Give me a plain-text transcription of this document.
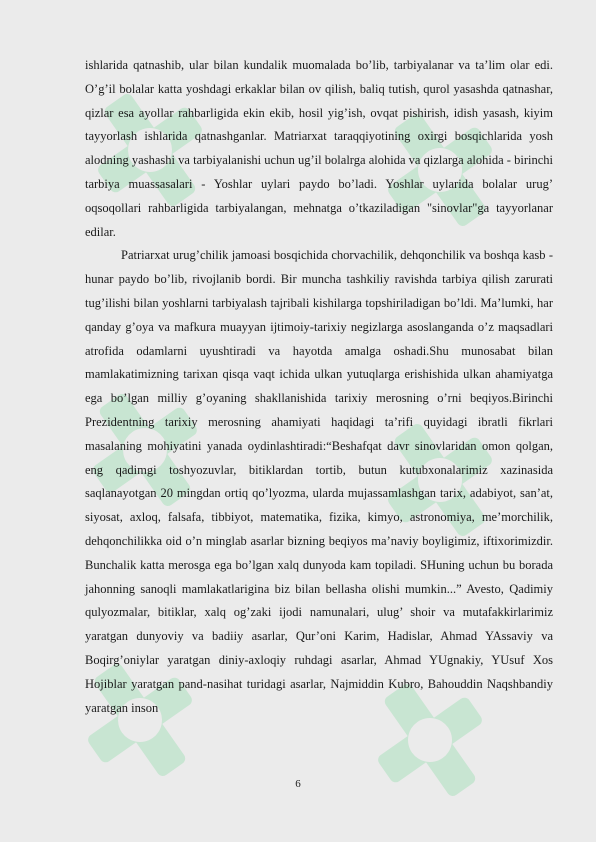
ishlarida qatnashib, ular bilan kundalik muomalada bo’lib, tarbiyalanar va ta’lim olar edi. O’g’il bolalar katta yoshdagi erkaklar bilan ov qilish, baliq tutish, qurol yasashda qatnashar, qizlar esa ayollar rahbarligida ekin ekib, hosil yig’ish, ovqat pishirish, idish yasash, kiyim tayyorlash ishlarida qatnashganlar. Matriarxat taraqqiyotining oxirgi bosqichlarida yosh alodning yashashi va tarbiyalanishi uchun ug’il bolalrga alohida va qizlarga alohida - birinchi tarbiya muassasalari - Yoshlar uylari paydo bo’ladi. Yoshlar uylarida bolalar urug’ oqsoqollari rahbarligida tarbiyalangan, mehnatga o’tkaziladigan "sinovlar"ga tayyorlanar edilar.

Patriarxat urug’chilik jamoasi bosqichida chorvachilik, dehqonchilik va boshqa kasb - hunar paydo bo’lib, rivojlanib bordi. Bir muncha tashkiliy ravishda tarbiya qilish zarurati tug’ilishi bilan yoshlarni tarbiyalash tajribali kishilarga topshiriladigan bo’ldi. Ma’lumki, har qanday g’oya va mafkura muayyan ijtimoiy-tarixiy negizlarga asoslanganda o’z maqsadlari atrofida odamlarni uyushtiradi va hayotda amalga oshadi.Shu munosabat bilan mamlakatimizning tarixan qisqa vaqt ichida ulkan yutuqlarga erishishida ulkan ahamiyatga ega bo’lgan milliy g’oyaning shakllanishida tarixiy merosning o’rni beqiyos.Birinchi Prezidentning tarixiy merosning ahamiyati haqidagi ta’rifi quyidagi ibratli fikrlari masalaning mohiyatini yanada oydinlashtiradi:“Beshafqat davr sinovlaridan omon qolgan, eng qadimgi toshyozuvlar, bitiklardan tortib, butun kutubxonalarimiz xazinasida saqlanayotgan 20 mingdan ortiq qo’lyozma, ularda mujassamlashgan tarix, adabiyot, san’at, siyosat, axloq, falsafa, tibbiyot, matematika, fizika, kimyo, astronomiya, me’morchilik, dehqonchilikka oid o’n minglab asarlar bizning beqiyos ma’naviy boyligimiz, iftixorimizdir. Bunchalik katta merosga ega bo’lgan xalq dunyoda kam topiladi. SHuning uchun bu borada jahonning sanoqli mamlakatlarigina biz bilan bellasha olishi mumkin...” Avesto, Qadimiy qulyozmalar, bitiklar, xalq og’zaki ijodi namunalari, ulug’ shoir va mutafakkirlarimiz yaratgan dunyoviy va badiiy asarlar, Qur’oni Karim, Hadislar, Ahmad YAssaviy va Boqirg’oniylar yaratgan diniy-axloqiy ruhdagi asarlar, Ahmad YUgnakiy, YUsuf Xos Hojiblar yaratgan pand-nasihat turidagi asarlar, Najmiddin Kubro, Bahouddin Naqshbandiy yaratgan inson

6
